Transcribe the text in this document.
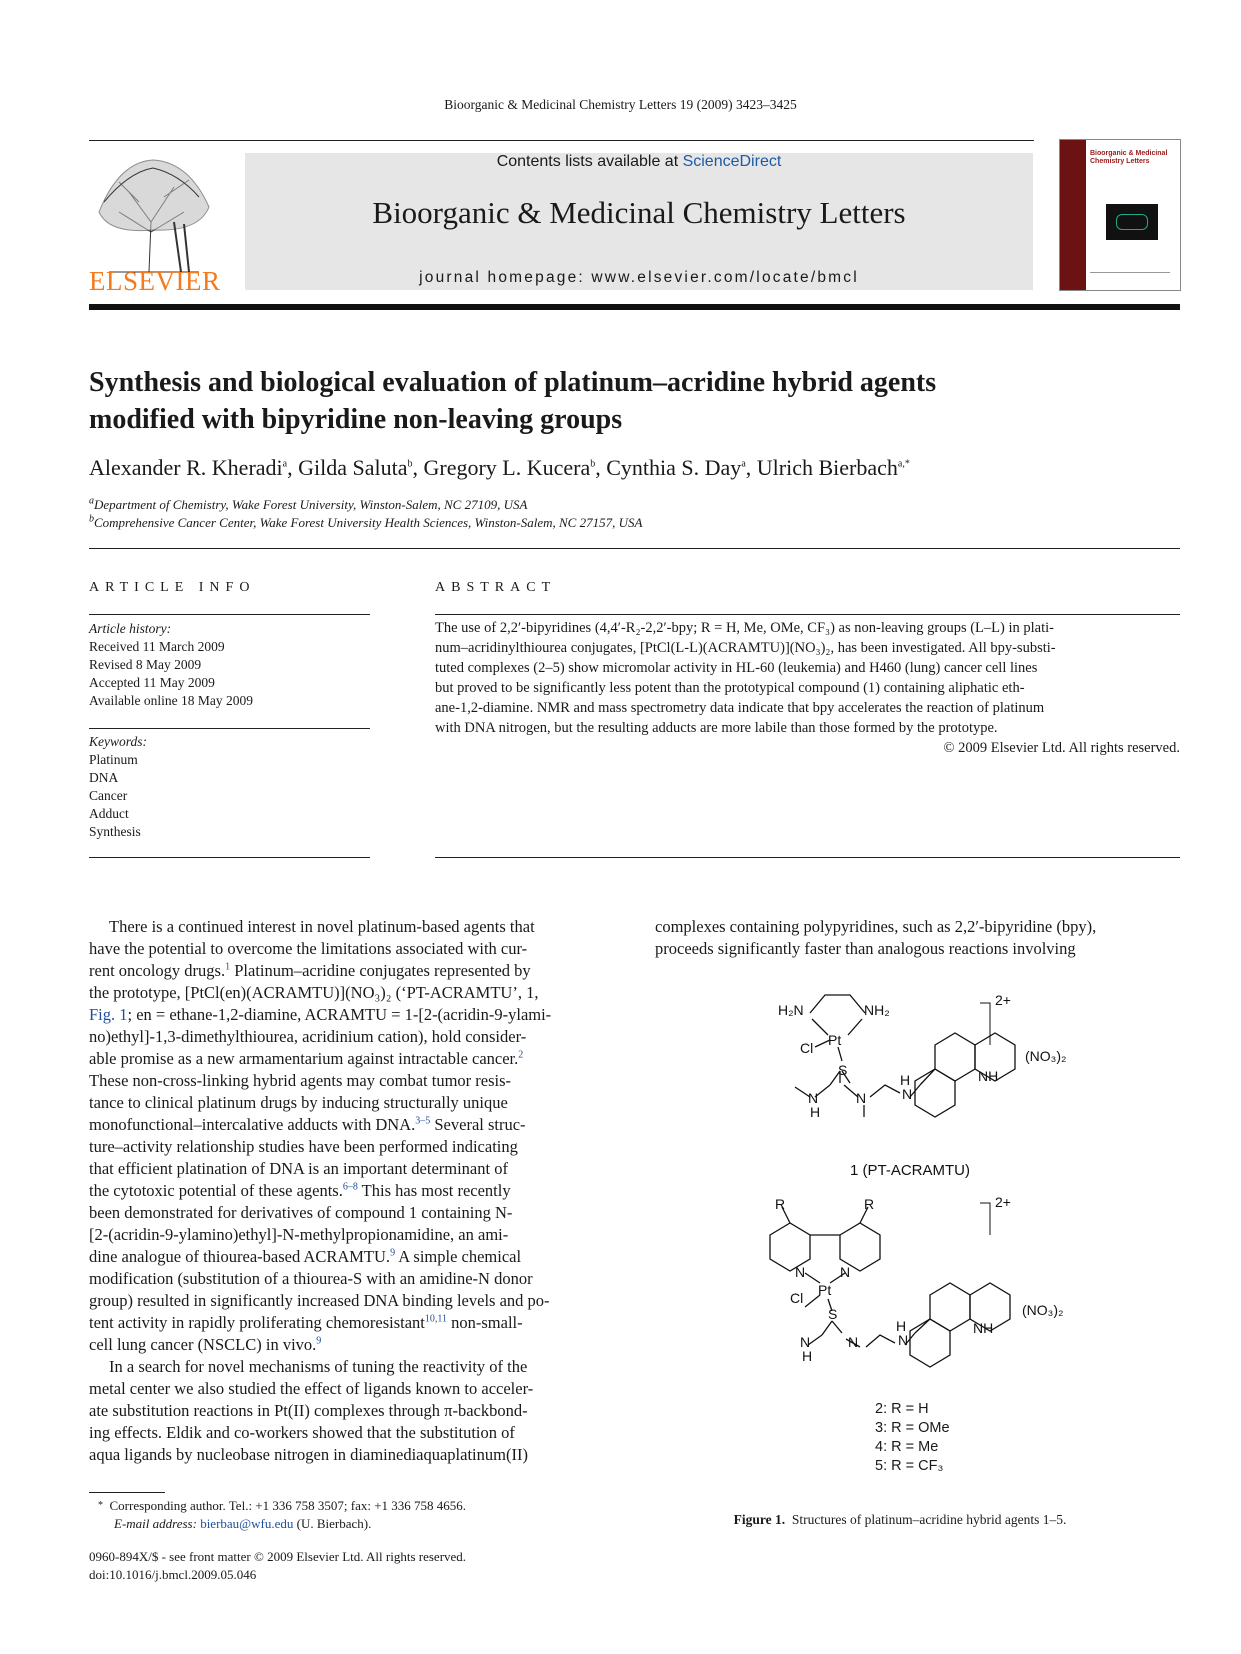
Bioorganic & Medicinal Chemistry Letters 19 (2009) 3423–3425
ELSEVIER
Contents lists available at ScienceDirect
Bioorganic & Medicinal Chemistry Letters
journal homepage: www.elsevier.com/locate/bmcl
Bioorganic & Medicinal Chemistry Letters
Synthesis and biological evaluation of platinum–acridine hybrid agents
modified with bipyridine non-leaving groups
Alexander R. Kheradi$^a$, Gilda Saluta$^b$, Gregory L. Kucera$^b$, Cynthia S. Day$^a$, Ulrich Bierbach$^{a,*}$
$^a$Department of Chemistry, Wake Forest University, Winston-Salem, NC 27109, USA
$^b$Comprehensive Cancer Center, Wake Forest University Health Sciences, Winston-Salem, NC 27157, USA
ARTICLE INFO
Article history:
Received 11 March 2009
Revised 8 May 2009
Accepted 11 May 2009
Available online 18 May 2009
Keywords:
Platinum
DNA
Cancer
Adduct
Synthesis
ABSTRACT
The use of 2,2′-bipyridines (4,4′-R₂-2,2′-bpy; R = H, Me, OMe, CF₃) as non-leaving groups (L–L) in plati-
num–acridinylthiourea conjugates, [PtCl(L-L)(ACRAMTU)](NO₃)₂, has been investigated. All bpy-substi-
tuted complexes (2–5) show micromolar activity in HL-60 (leukemia) and H460 (lung) cancer cell lines
but proved to be significantly less potent than the prototypical compound (1) containing aliphatic eth-
ane-1,2-diamine. NMR and mass spectrometry data indicate that bpy accelerates the reaction of platinum
with DNA nitrogen, but the resulting adducts are more labile than those formed by the prototype.
© 2009 Elsevier Ltd. All rights reserved.
There is a continued interest in novel platinum-based agents that
have the potential to overcome the limitations associated with cur-
rent oncology drugs.$^1$ Platinum–acridine conjugates represented by
the prototype, [PtCl(en)(ACRAMTU)](NO₃)₂ (‘PT-ACRAMTU’, 1,
Fig. 1; en = ethane-1,2-diamine, ACRAMTU = 1-[2-(acridin-9-ylami-
no)ethyl]-1,3-dimethylthiourea, acridinium cation), hold consider-
able promise as a new armamentarium against intractable cancer.$^2$
These non-cross-linking hybrid agents may combat tumor resis-
tance to clinical platinum drugs by inducing structurally unique
monofunctional–intercalative adducts with DNA.$^{3-5}$ Several struc-
ture–activity relationship studies have been performed indicating
that efficient platination of DNA is an important determinant of
the cytotoxic potential of these agents.$^{6-8}$ This has most recently
been demonstrated for derivatives of compound 1 containing N-
[2-(acridin-9-ylamino)ethyl]-N-methylpropionamidine, an ami-
dine analogue of thiourea-based ACRAMTU.$^9$ A simple chemical
modification (substitution of a thiourea-S with an amidine-N donor
group) resulted in significantly increased DNA binding levels and po-
tent activity in rapidly proliferating chemoresistant$^{10,11}$ non-small-
cell lung cancer (NSCLC) in vivo.$^9$
In a search for novel mechanisms of tuning the reactivity of the
metal center we also studied the effect of ligands known to acceler-
ate substitution reactions in Pt(II) complexes through π-backbond-
ing effects. Eldik and co-workers showed that the substitution of
aqua ligands by nucleobase nitrogen in diaminediaquaplatinum(II)
complexes containing polypyridines, such as 2,2′-bipyridine (bpy),
proceeds significantly faster than analogous reactions involving
H₂N	NH₂
Pt
Cl
S
N
H
N
H
N
NH
2+
(NO₃)₂
1 (PT-ACRAMTU)
R	R
N N
Pt
Cl
S
N
H
N
H
N
NH
2+
(NO₃)₂
2: R = H
3: R = OMe
4: R = Me
5: R = CF₃
Figure 1. Structures of platinum–acridine hybrid agents 1–5.
* Corresponding author. Tel.: +1 336 758 3507; fax: +1 336 758 4656.
E-mail address: bierbau@wfu.edu (U. Bierbach).
0960-894X/$ - see front matter © 2009 Elsevier Ltd. All rights reserved.
doi:10.1016/j.bmcl.2009.05.046
